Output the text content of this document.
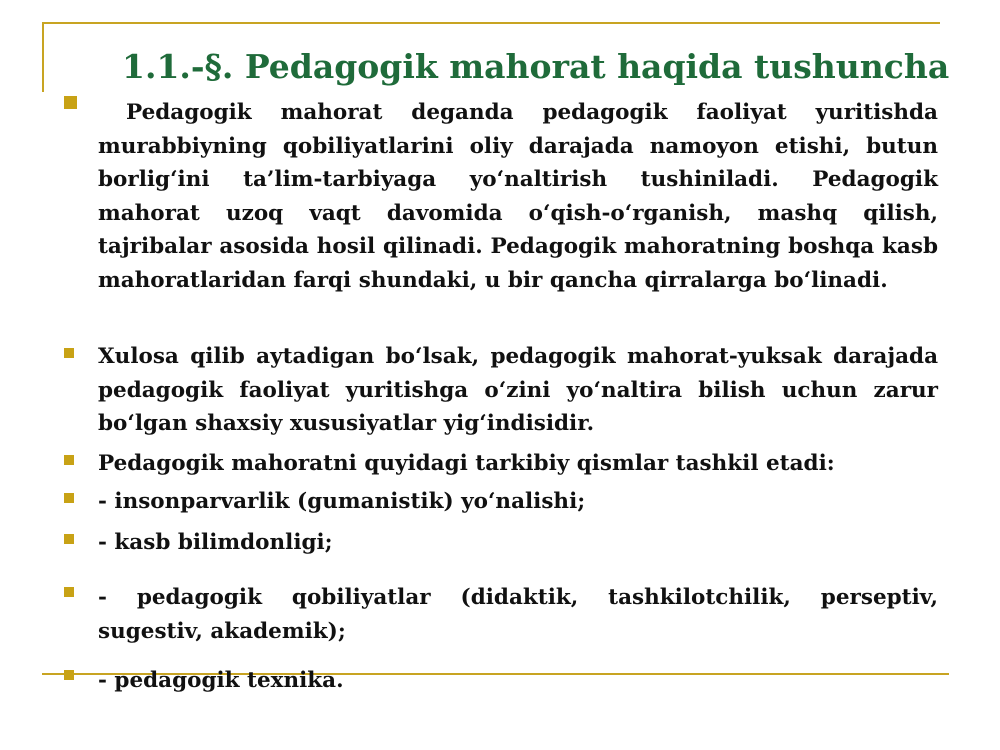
1.1.-§. Pedagogik mahorat haqida tushuncha

Pedagogik mahorat deganda pedagogik faoliyat yuritishda murabbiyning qobiliyatlarini oliy darajada namoyon etishi, butun borlig‘ini ta’lim-tarbiyaga yo‘naltirish tushiniladi. Pedagogik mahorat uzoq vaqt davomida o‘qish-o‘rganish, mashq qilish, tajribalar asosida hosil qilinadi. Pedagogik mahoratning boshqa kasb mahoratlaridan farqi shundaki, u bir qancha qirralarga bo‘linadi.

Xulosa qilib aytadigan bo‘lsak, pedagogik mahorat-yuksak darajada pedagogik faoliyat yuritishga o‘zini yo‘naltira bilish uchun zarur bo‘lgan shaxsiy xususiyatlar yig‘indisidir.

Pedagogik mahoratni quyidagi tarkibiy qismlar tashkil etadi:

- insonparvarlik (gumanistik) yo‘nalishi;

- kasb bilimdonligi;

- pedagogik qobiliyatlar (didaktik, tashkilotchilik, perseptiv, sugestiv, akademik);

- pedagogik texnika.
